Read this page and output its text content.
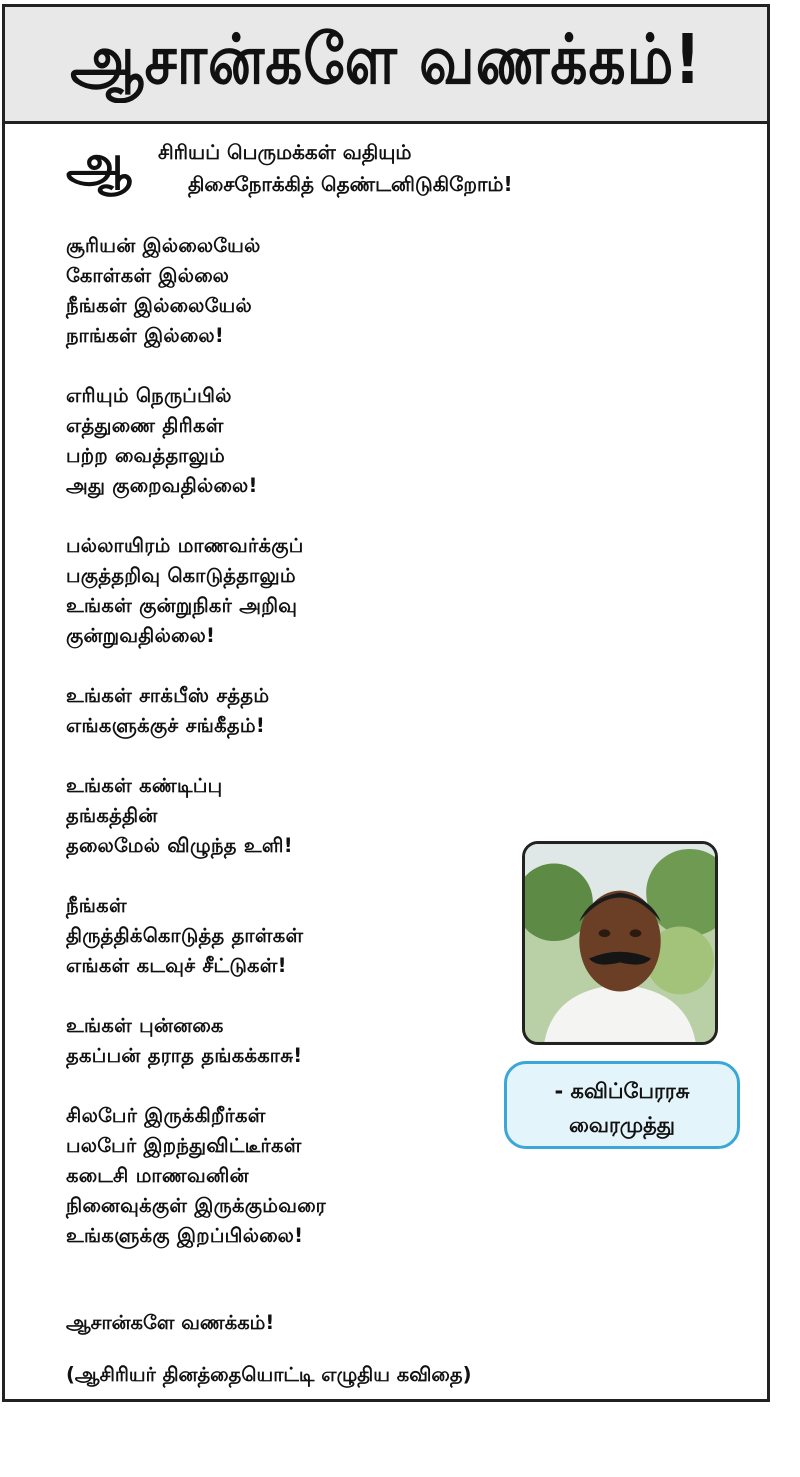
ஆசான்களே வணக்கம்!
ஆ சிரியப் பெருமக்கள் வதியும்
திசைநோக்கித் தெண்டனிடுகிறோம்!
சூரியன் இல்லையேல்
கோள்கள் இல்லை
நீங்கள் இல்லையேல்
நாங்கள் இல்லை!
எரியும் நெருப்பில்
எத்துணை திரிகள்
பற்ற வைத்தாலும்
அது குறைவதில்லை!
பல்லாயிரம் மாணவர்க்குப்
பகுத்தறிவு கொடுத்தாலும்
உங்கள் குன்றுநிகர் அறிவு
குன்றுவதில்லை!
உங்கள் சாக்பீஸ் சத்தம்
எங்களுக்குச் சங்கீதம்!
உங்கள் கண்டிப்பு
தங்கத்தின்
தலைமேல் விழுந்த உளி!
நீங்கள்
திருத்திக்கொடுத்த தாள்கள்
எங்கள் கடவுச் சீட்டுகள்!
உங்கள் புன்னகை
தகப்பன் தராத தங்கக்காசு!
சிலபேர் இருக்கிறீர்கள்
பலபேர் இறந்துவிட்டீர்கள்
கடைசி மாணவனின்
நினைவுக்குள் இருக்கும்வரை
உங்களுக்கு இறப்பில்லை!
ஆசான்களே வணக்கம்!
(ஆசிரியர் தினத்தையொட்டி எழுதிய கவிதை)
- கவிப்பேரரசு
வைரமுத்து
